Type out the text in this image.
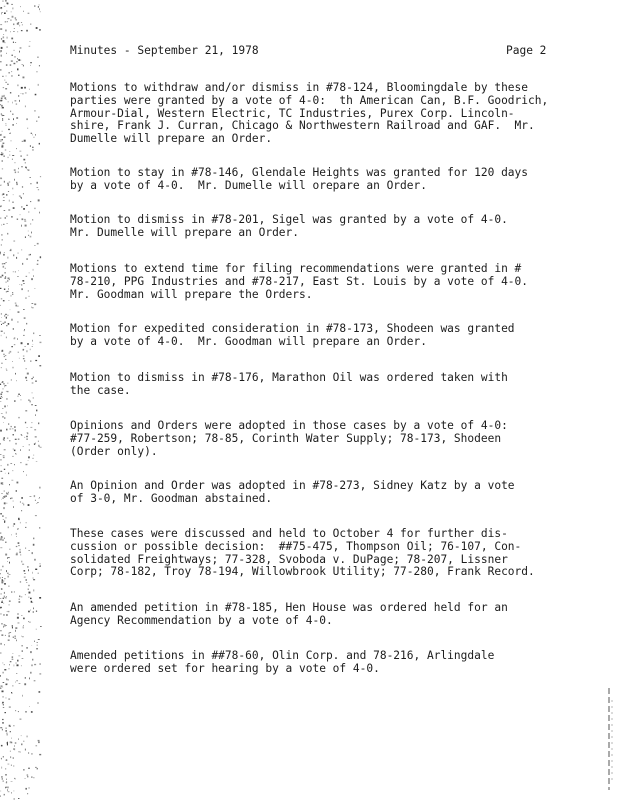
Minutes - September 21, 1978

	Page 2

Motions to withdraw and/or dismiss in #78-124, Bloomingdale by these
parties were granted by a vote of 4-0:  th American Can, B.F. Goodrich,
Armour-Dial, Western Electric, TC Industries, Purex Corp. Lincoln-
shire, Frank J. Curran, Chicago & Northwestern Railroad and GAF.  Mr.
Dumelle will prepare an Order.
Motion to stay in #78-146, Glendale Heights was granted for 120 days
by a vote of 4-0.  Mr. Dumelle will orepare an Order.
Motion to dismiss in #78-201, Sigel was granted by a vote of 4-0.
Mr. Dumelle will prepare an Order.
Motions to extend time for filing recommendations were granted in #
78-210, PPG Industries and #78-217, East St. Louis by a vote of 4-0.
Mr. Goodman will prepare the Orders.
Motion for expedited consideration in #78-173, Shodeen was granted
by a vote of 4-0.  Mr. Goodman will prepare an Order.
Motion to dismiss in #78-176, Marathon Oil was ordered taken with
the case.
Opinions and Orders were adopted in those cases by a vote of 4-0:
#77-259, Robertson; 78-85, Corinth Water Supply; 78-173, Shodeen
(Order only).
An Opinion and Order was adopted in #78-273, Sidney Katz by a vote
of 3-0, Mr. Goodman abstained.
These cases were discussed and held to October 4 for further dis-
cussion or possible decision:  ##75-475, Thompson Oil; 76-107, Con-
solidated Freightways; 77-328, Svoboda v. DuPage; 78-207, Lissner
Corp; 78-182, Troy 78-194, Willowbrook Utility; 77-280, Frank Record.
An amended petition in #78-185, Hen House was ordered held for an
Agency Recommendation by a vote of 4-0.
Amended petitions in ##78-60, Olin Corp. and 78-216, Arlingdale
were ordered set for hearing by a vote of 4-0.
